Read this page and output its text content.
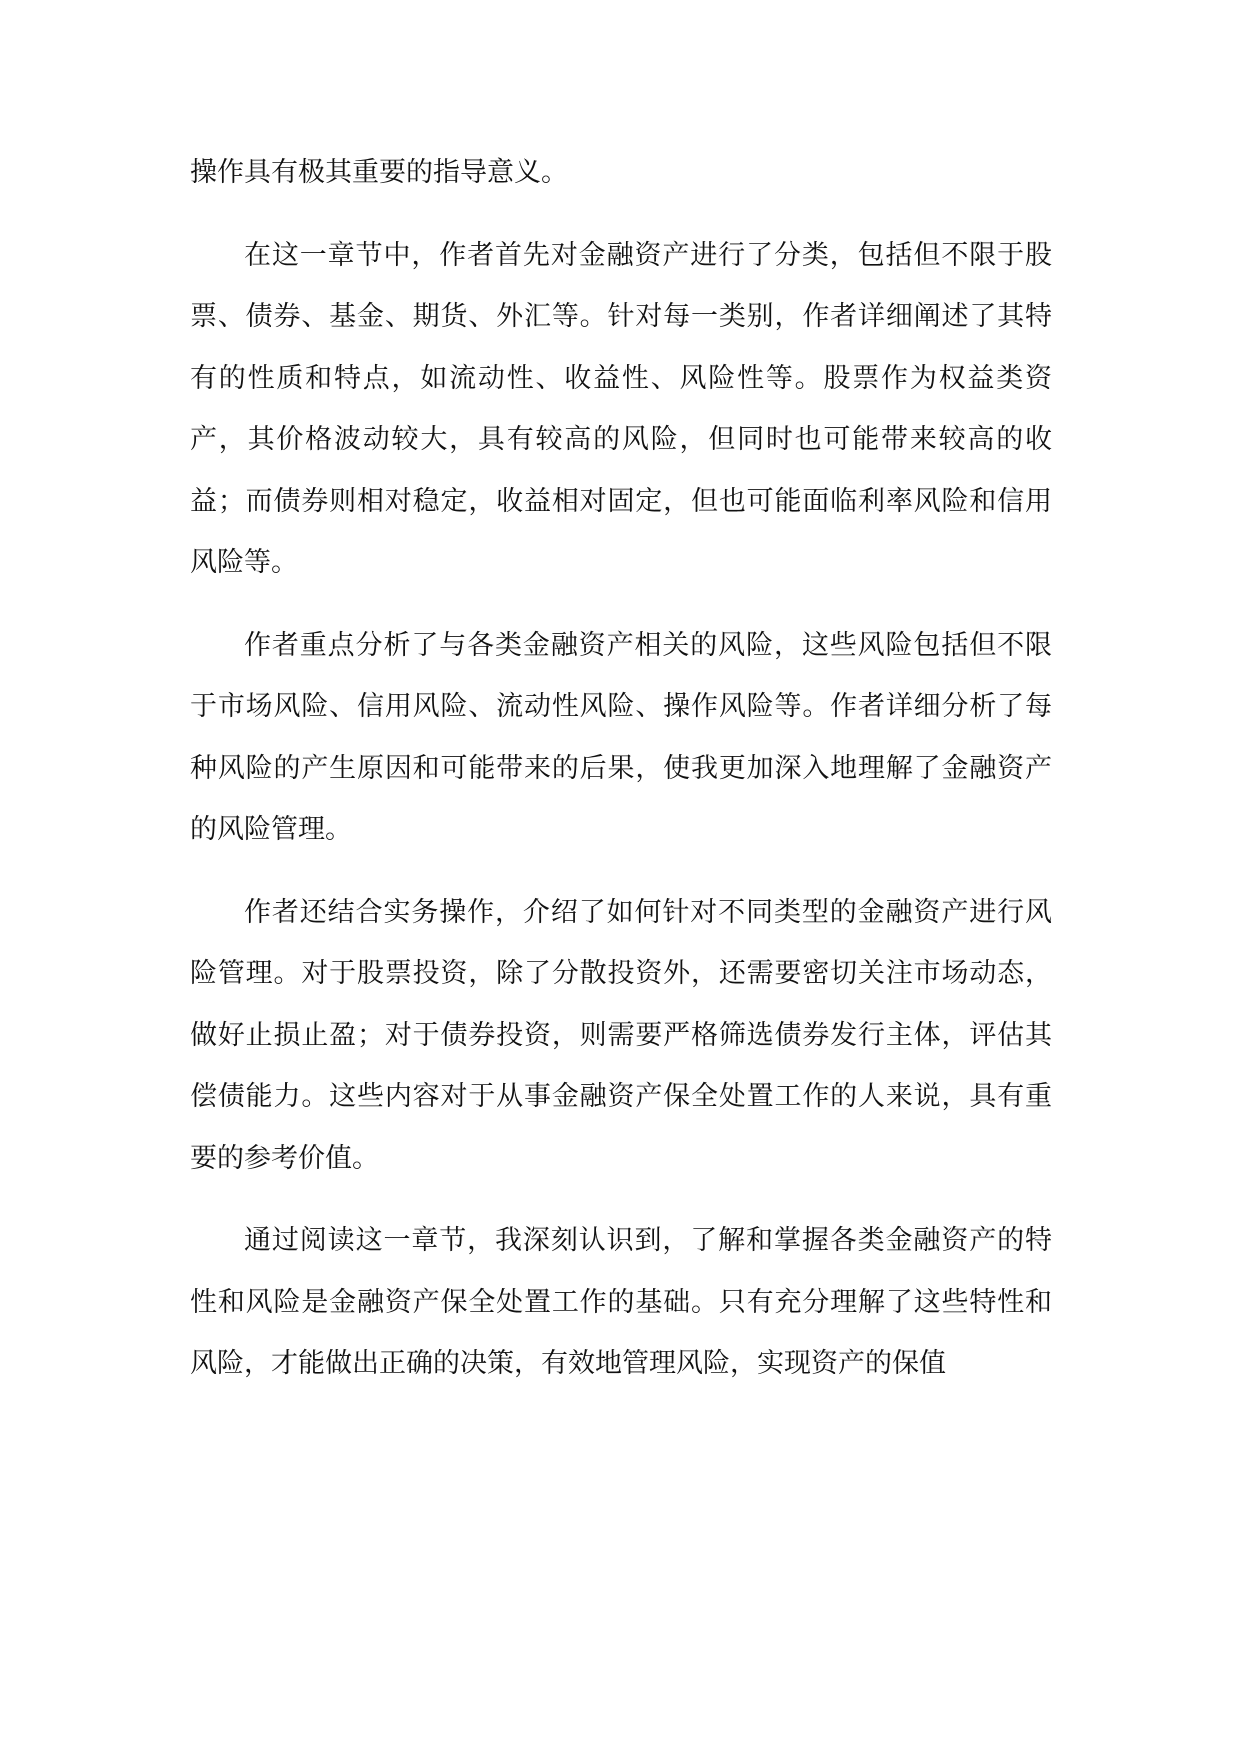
操作具有极其重要的指导意义。

在这一章节中，作者首先对金融资产进行了分类，包括但不限于股票、债券、基金、期货、外汇等。针对每一类别，作者详细阐述了其特有的性质和特点，如流动性、收益性、风险性等。股票作为权益类资产，其价格波动较大，具有较高的风险，但同时也可能带来较高的收益；而债券则相对稳定，收益相对固定，但也可能面临利率风险和信用风险等。

作者重点分析了与各类金融资产相关的风险，这些风险包括但不限于市场风险、信用风险、流动性风险、操作风险等。作者详细分析了每种风险的产生原因和可能带来的后果，使我更加深入地理解了金融资产的风险管理。

作者还结合实务操作，介绍了如何针对不同类型的金融资产进行风险管理。对于股票投资，除了分散投资外，还需要密切关注市场动态，做好止损止盈；对于债券投资，则需要严格筛选债券发行主体，评估其偿债能力。这些内容对于从事金融资产保全处置工作的人来说，具有重要的参考价值。

通过阅读这一章节，我深刻认识到，了解和掌握各类金融资产的特性和风险是金融资产保全处置工作的基础。只有充分理解了这些特性和风险，才能做出正确的决策，有效地管理风险，实现资产的保值
